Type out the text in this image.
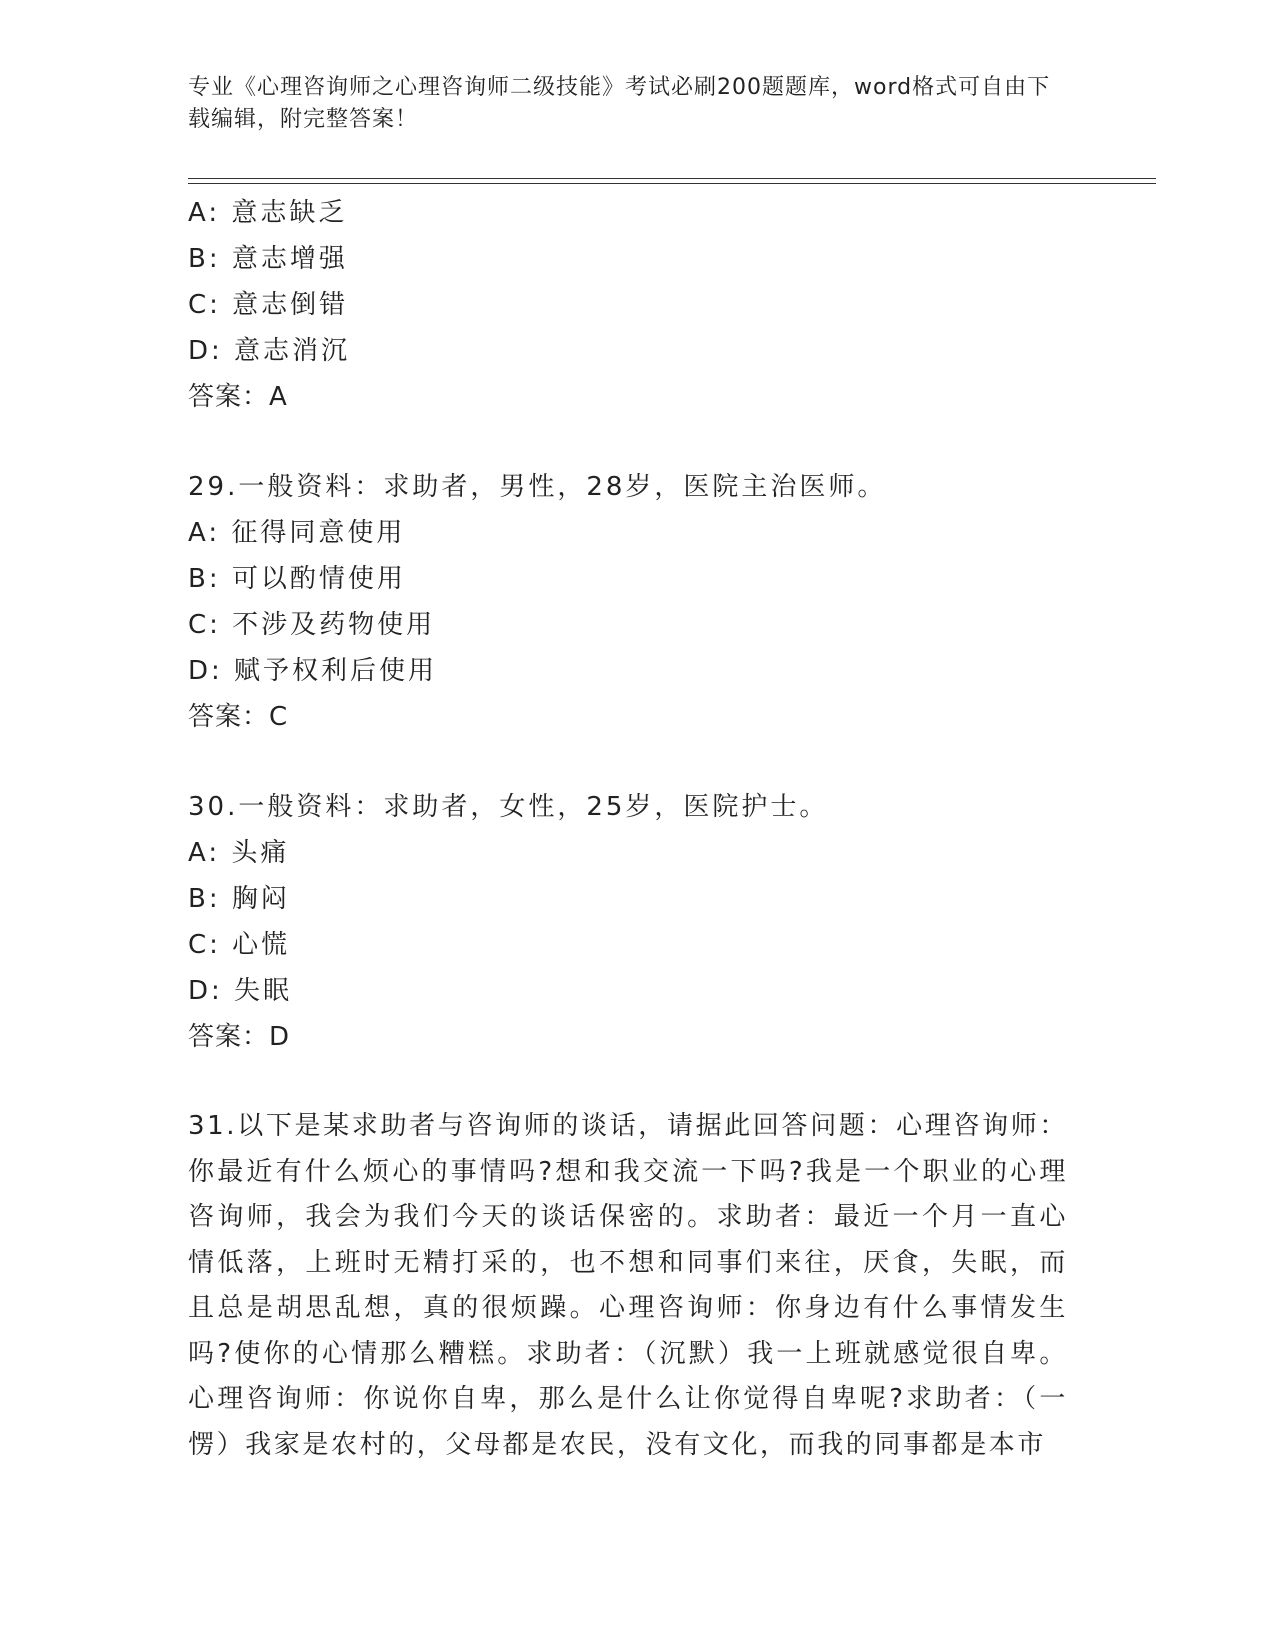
专业《心理咨询师之心理咨询师二级技能》考试必刷200题题库，word格式可自由下载编辑，附完整答案！
A: 意志缺乏
B: 意志增强
C: 意志倒错
D: 意志消沉
答案：A
29.一般资料：求助者，男性，28岁，医院主治医师。
A: 征得同意使用
B: 可以酌情使用
C: 不涉及药物使用
D: 赋予权利后使用
答案：C
30.一般资料：求助者，女性，25岁，医院护士。
A: 头痛
B: 胸闷
C: 心慌
D: 失眠
答案：D
31.以下是某求助者与咨询师的谈话，请据此回答问题：心理咨询师：你最近有什么烦心的事情吗?想和我交流一下吗?我是一个职业的心理咨询师，我会为我们今天的谈话保密的。求助者：最近一个月一直心情低落，上班时无精打采的，也不想和同事们来往，厌食，失眠，而且总是胡思乱想，真的很烦躁。心理咨询师：你身边有什么事情发生吗?使你的心情那么糟糕。求助者：（沉默）我一上班就感觉很自卑。心理咨询师：你说你自卑，那么是什么让你觉得自卑呢?求助者：（一愣）我家是农村的，父母都是农民，没有文化，而我的同事都是本市
